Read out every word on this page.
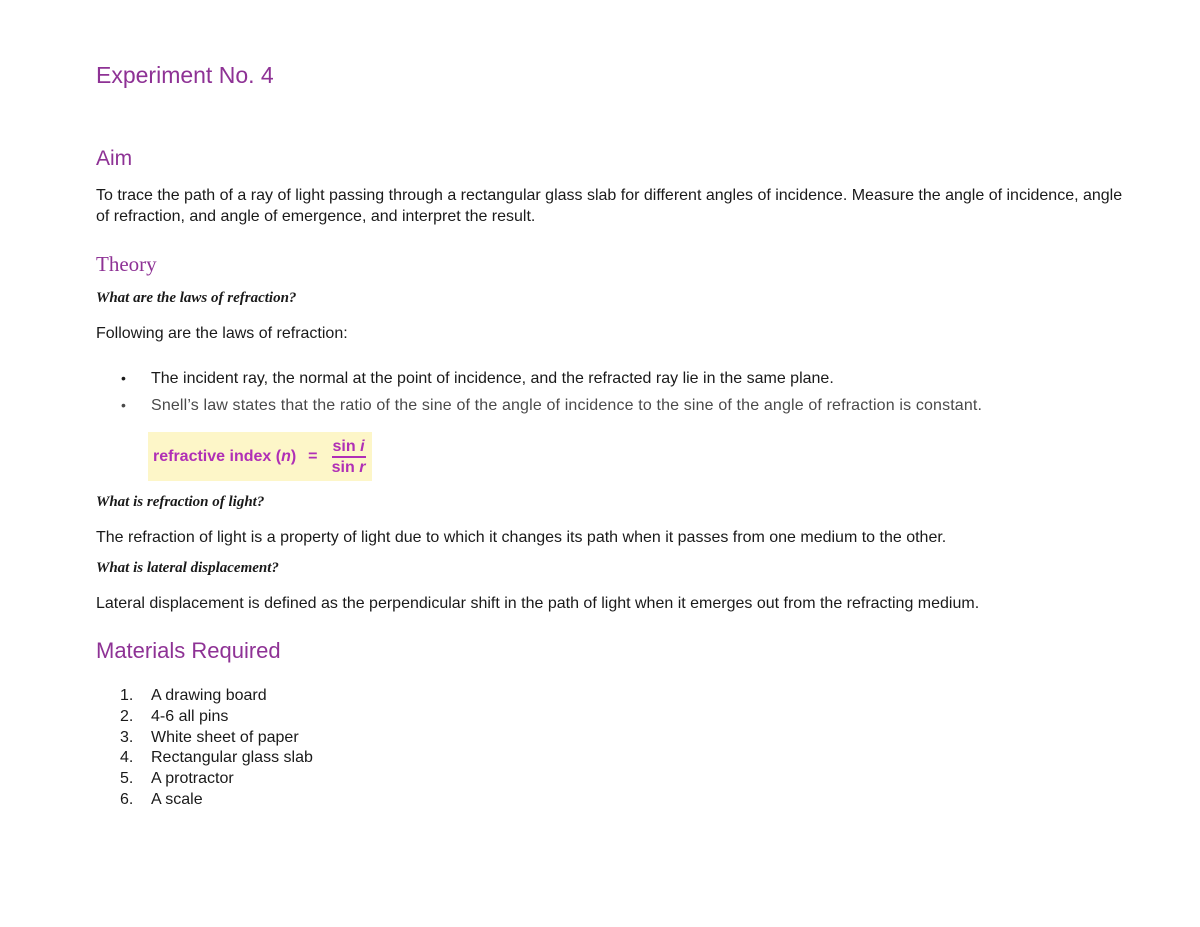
Experiment No. 4
Aim

To trace the path of a ray of light passing through a rectangular glass slab for different angles of incidence. Measure the angle of incidence, angle of refraction, and angle of emergence, and interpret the result.

Theory

What are the laws of refraction?

Following are the laws of refraction:

• The incident ray, the normal at the point of incidence, and the refracted ray lie in the same plane.
• Snell’s law states that the ratio of the sine of the angle of incidence to the sine of the angle of refraction is constant.
refractive index $(n) = \frac{\text{sin i}}{\text{sin r}}$

What is refraction of light?

The refraction of light is a property of light due to which it changes its path when it passes from one medium to the other.

What is lateral displacement?

Lateral displacement is defined as the perpendicular shift in the path of light when it emerges out from the refracting medium.

Materials Required
1. A drawing board
2. 4-6 all pins
3. White sheet of paper
4. Rectangular glass slab
5. A protractor
6. A scale
